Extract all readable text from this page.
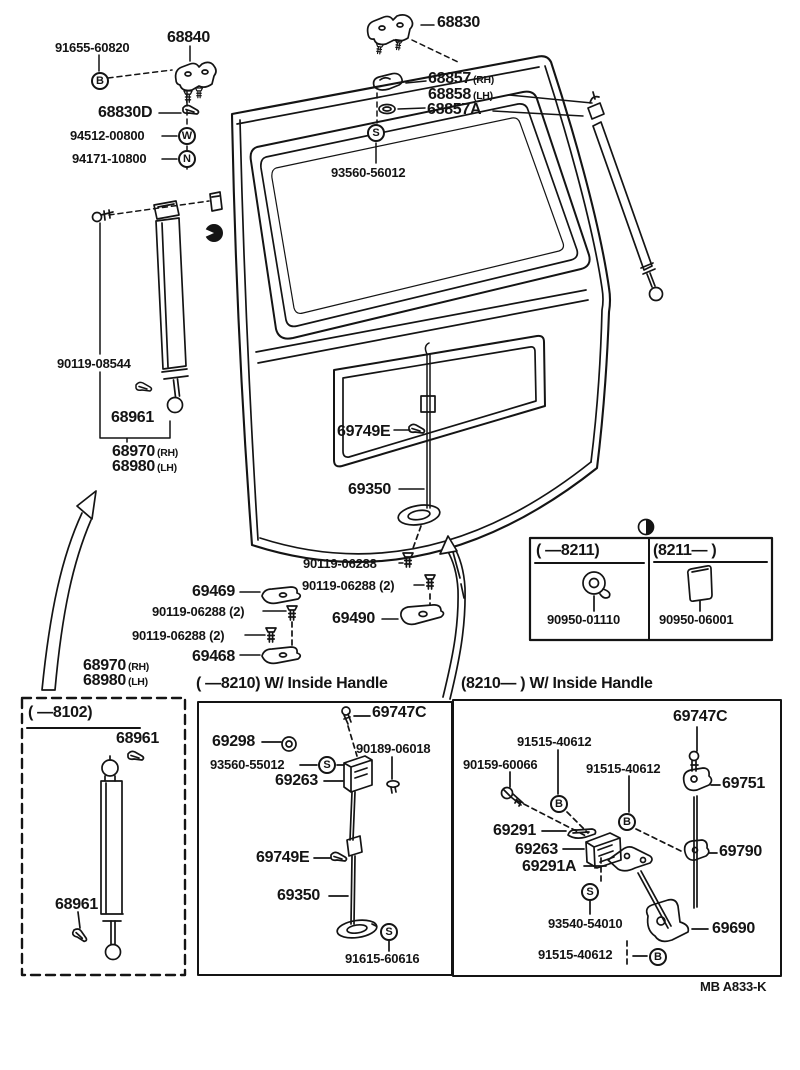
91655-60820
68840
68830
68857 (RH)
68858 (LH)
68857A
68830D
94512-00800
94171-10800
93560-56012
90119-08544
68961
68970 (RH)
68980 (LH)
69749E
69350
90119-06288
90119-06288 (2)
69469
90119-06288 (2)	69490
90119-06288 (2)
69468
68970 (RH)
68980 (LH)	( —8210) W/ Inside Handle	(8210— ) W/ Inside Handle
( —8211)	(8211— )
90950-01110	90950-06001
( —8102)
68961
68961
69747C
69298	90189-06018
93560-55012
69263
69749E
69350
91615-60616
91515-40612
90159-60066	91515-40612
69747C
69751
69291
69263
69291A
69790
93540-54010	69690
91515-40612
MB A833-K
B
W
N
S
S
S
B
B
S
B
